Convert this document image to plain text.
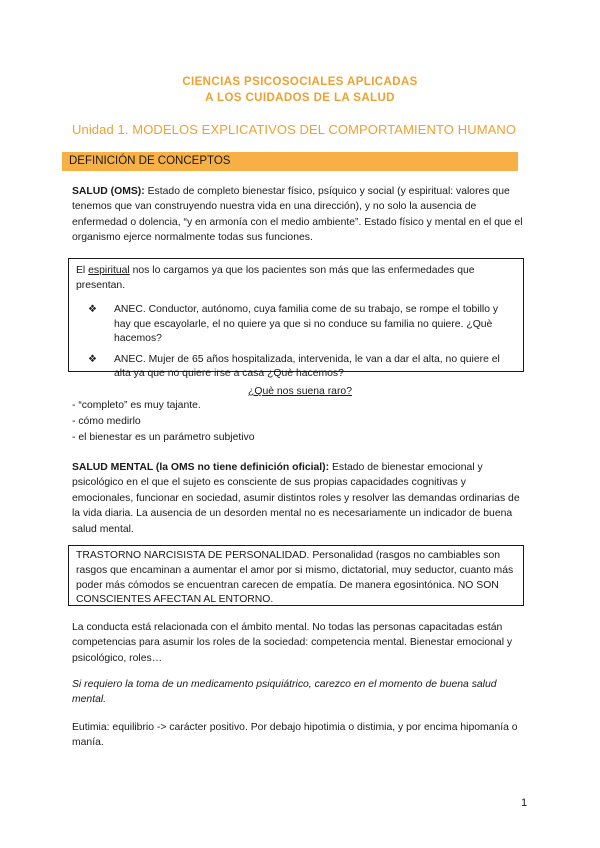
CIENCIAS PSICOSOCIALES APLICADAS
A LOS CUIDADOS DE LA SALUD
Unidad 1. MODELOS EXPLICATIVOS DEL COMPORTAMIENTO HUMANO
DEFINICIÓN DE CONCEPTOS

SALUD (OMS): Estado de completo bienestar físico, psíquico y social (y espiritual: valores que tenemos que van construyendo nuestra vida en una dirección), y no solo la ausencia de enfermedad o dolencia, “y en armonía con el medio ambiente”. Estado físico y mental en el que el organismo ejerce normalmente todas sus funciones.

El espiritual nos lo cargamos ya que los pacientes son más que las enfermedades que presentan.

❖ ANEC. Conductor, autónomo, cuya familia come de su trabajo, se rompe el tobillo y hay que escayolarle, el no quiere ya que si no conduce su familia no quiere. ¿Què hacemos?
❖ ANEC. Mujer de 65 años hospitalizada, intervenida, le van a dar el alta, no quiere el alta ya que no quiere irse a casa ¿Què hacemos?
¿Què nos suena raro?
- “completo” es muy tajante.
- cómo medirlo
- el bienestar es un parámetro subjetivo

SALUD MENTAL (la OMS no tiene definición oficial): Estado de bienestar emocional y psicológico en el que el sujeto es consciente de sus propias capacidades cognitivas y emocionales, funcionar en sociedad, asumir distintos roles y resolver las demandas ordinarias de la vida diaria. La ausencia de un desorden mental no es necesariamente un indicador de buena salud mental.

TRASTORNO NARCISISTA DE PERSONALIDAD. Personalidad (rasgos no cambiables son rasgos que encaminan a aumentar el amor por si mismo, dictatorial, muy seductor, cuanto más poder más cómodos se encuentran carecen de empatía. De manera egosintónica. NO SON CONSCIENTES AFECTAN AL ENTORNO.

La conducta está relacionada con el ámbito mental. No todas las personas capacitadas están competencias para asumir los roles de la sociedad: competencia mental. Bienestar emocional y psicológico, roles…

Si requiero la toma de un medicamento psiquiátrico, carezco en el momento de buena salud mental.

Eutimia: equilibrio -> carácter positivo. Por debajo hipotimia o distimia, y por encima hipomanía o manía.

1
